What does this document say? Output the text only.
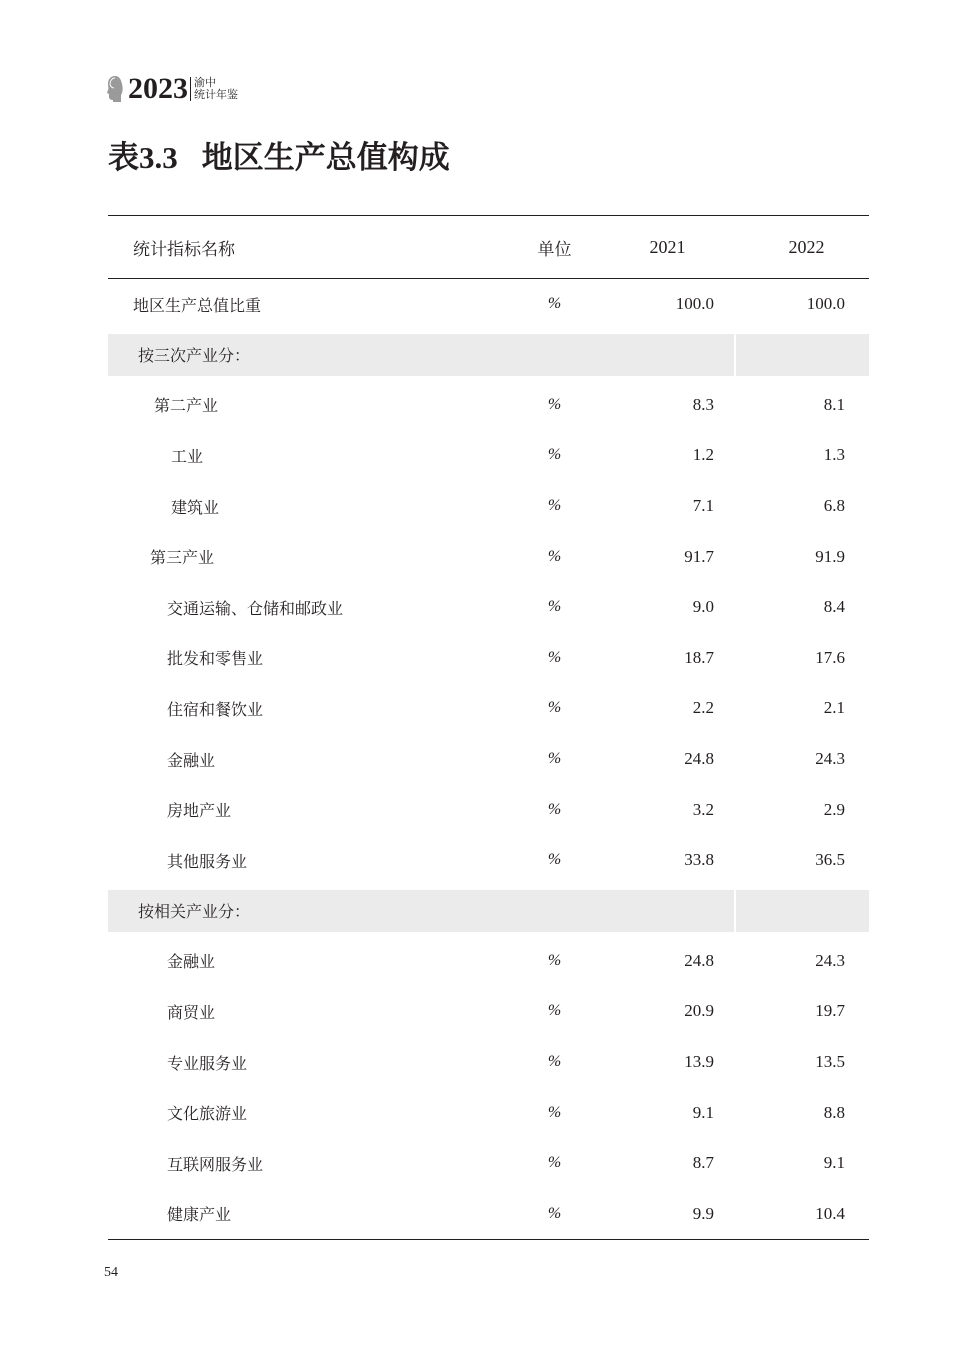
2023 渝中
统计年鉴
表3.3 地区生产总值构成
统计指标名称	单位	2021	2022
地区生产总值比重	%	100.0	100.0
按三次产业分：
第二产业	%	8.3	8.1
工业	%	1.2	1.3
建筑业	%	7.1	6.8
第三产业	%	91.7	91.9
交通运输、仓储和邮政业	%	9.0	8.4
批发和零售业	%	18.7	17.6
住宿和餐饮业	%	2.2	2.1
金融业	%	24.8	24.3
房地产业	%	3.2	2.9
其他服务业	%	33.8	36.5
按相关产业分：
金融业	%	24.8	24.3
商贸业	%	20.9	19.7
专业服务业	%	13.9	13.5
文化旅游业	%	9.1	8.8
互联网服务业	%	8.7	9.1
健康产业	%	9.9	10.4
54
